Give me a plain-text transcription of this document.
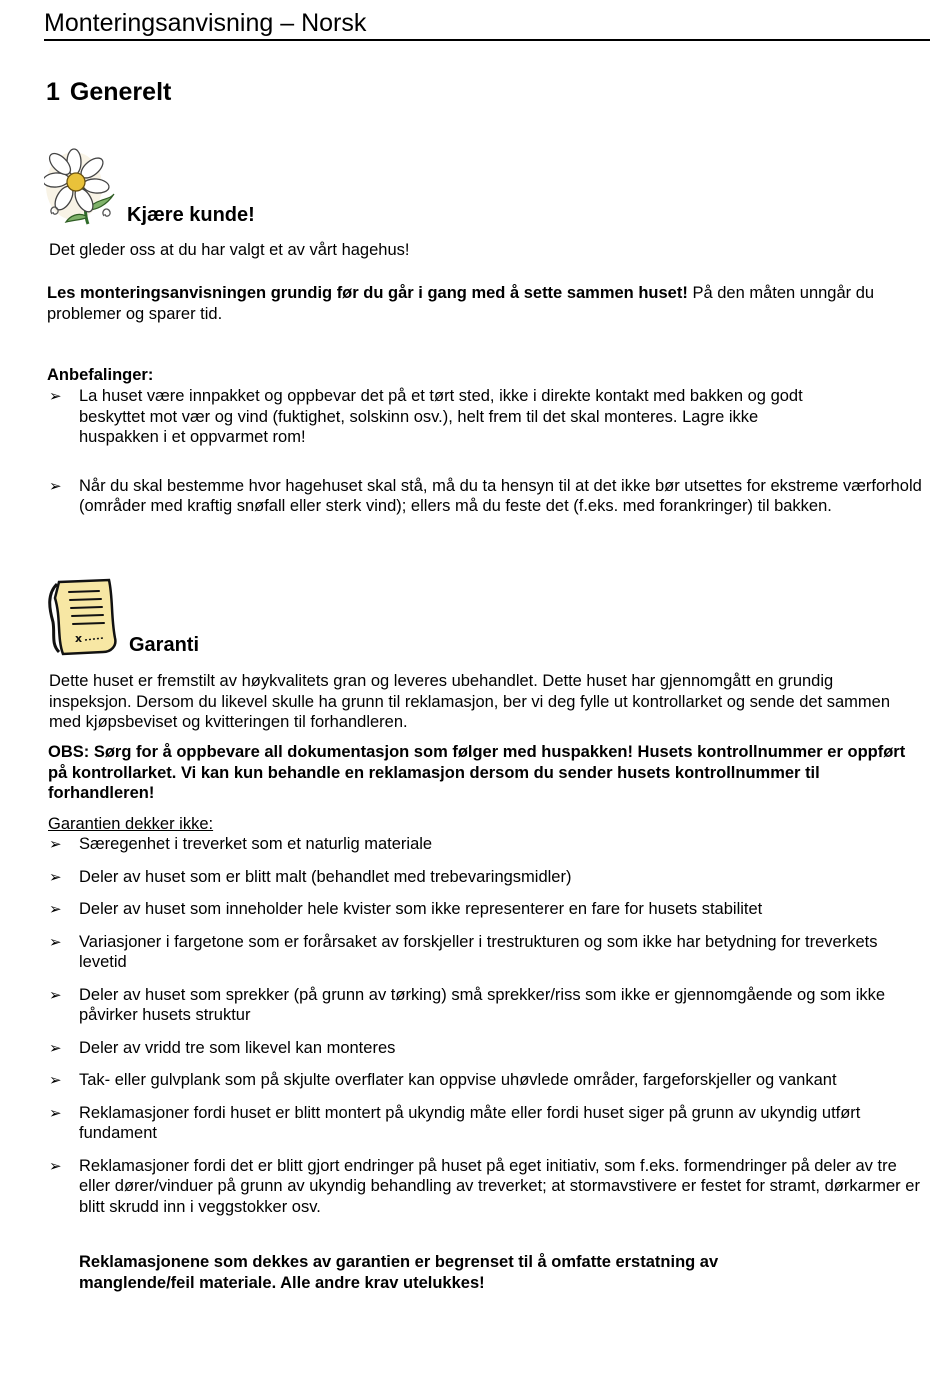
Monteringsanvisning – Norsk
1 Generelt
Kjære kunde!
Det gleder oss at du har valgt et av vårt hagehus!
Les monteringsanvisningen grundig før du går i gang med å sette sammen huset! På den måten unngår du problemer og sparer tid.
Anbefalinger:
➢ La huset være innpakket og oppbevar det på et tørt sted, ikke i direkte kontakt med bakken og godt beskyttet mot vær og vind (fuktighet, solskinn osv.), helt frem til det skal monteres. Lagre ikke huspakken i et oppvarmet rom!
➢ Når du skal bestemme hvor hagehuset skal stå, må du ta hensyn til at det ikke bør utsettes for ekstreme værforhold (områder med kraftig snøfall eller sterk vind); ellers må du feste det (f.eks. med forankringer) til bakken.
x Garanti
Dette huset er fremstilt av høykvalitets gran og leveres ubehandlet. Dette huset har gjennomgått en grundig inspeksjon. Dersom du likevel skulle ha grunn til reklamasjon, ber vi deg fylle ut kontrollarket og sende det sammen med kjøpsbeviset og kvitteringen til forhandleren.
OBS: Sørg for å oppbevare all dokumentasjon som følger med huspakken! Husets kontrollnummer er oppført på kontrollarket. Vi kan kun behandle en reklamasjon dersom du sender husets kontrollnummer til forhandleren!
Garantien dekker ikke:
➢ Særegenhet i treverket som et naturlig materiale
➢ Deler av huset som er blitt malt (behandlet med trebevaringsmidler)
➢ Deler av huset som inneholder hele kvister som ikke representerer en fare for husets stabilitet
➢ Variasjoner i fargetone som er forårsaket av forskjeller i trestrukturen og som ikke har betydning for treverkets levetid
➢ Deler av huset som sprekker (på grunn av tørking) små sprekker/riss som ikke er gjennomgående og som ikke påvirker husets struktur
➢ Deler av vridd tre som likevel kan monteres
➢ Tak- eller gulvplank som på skjulte overflater kan oppvise uhøvlede områder, fargeforskjeller og vankant
➢ Reklamasjoner fordi huset er blitt montert på ukyndig måte eller fordi huset siger på grunn av ukyndig utført fundament
➢ Reklamasjoner fordi det er blitt gjort endringer på huset på eget initiativ, som f.eks. formendringer på deler av tre eller dører/vinduer på grunn av ukyndig behandling av treverket; at stormavstivere er festet for stramt, dørkarmer er blitt skrudd inn i veggstokker osv.
Reklamasjonene som dekkes av garantien er begrenset til å omfatte erstatning av manglende/feil materiale. Alle andre krav utelukkes!
